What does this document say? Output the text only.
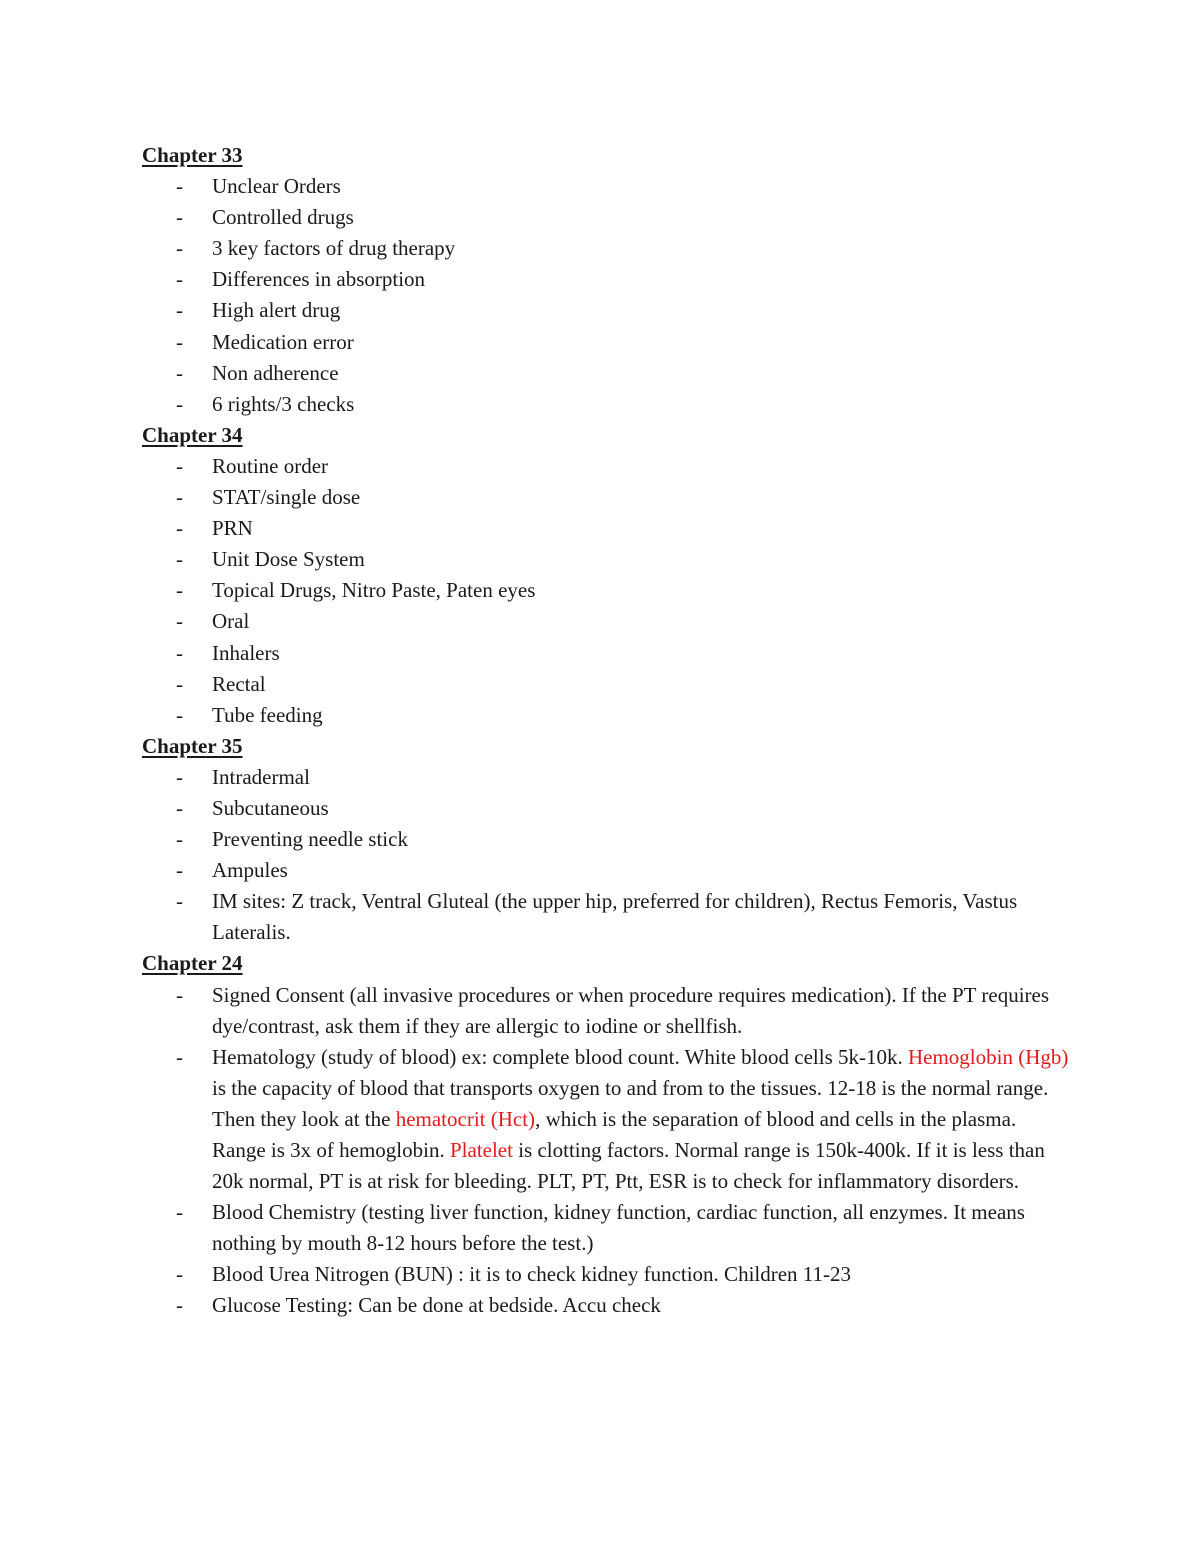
Chapter 33

- Unclear Orders
- Controlled drugs
- 3 key factors of drug therapy
- Differences in absorption
- High alert drug
- Medication error
- Non adherence
- 6 rights/3 checks

Chapter 34

- Routine order
- STAT/single dose
- PRN
- Unit Dose System
- Topical Drugs, Nitro Paste, Paten eyes
- Oral
- Inhalers
- Rectal
- Tube feeding

Chapter 35

- Intradermal
- Subcutaneous
- Preventing needle stick
- Ampules
- IM sites: Z track, Ventral Gluteal (the upper hip, preferred for children), Rectus Femoris, Vastus Lateralis.

Chapter 24

- Signed Consent (all invasive procedures or when procedure requires medication). If the PT requires dye/contrast, ask them if they are allergic to iodine or shellfish.
- Hematology (study of blood) ex: complete blood count. White blood cells 5k-10k. Hemoglobin (Hgb) is the capacity of blood that transports oxygen to and from to the tissues. 12-18 is the normal range.
Then they look at the hematocrit (Hct), which is the separation of blood and cells in the plasma. Range is 3x of hemoglobin. Platelet is clotting factors. Normal range is 150k-400k. If it is less than 20k normal, PT is at risk for bleeding. PLT, PT, Ptt, ESR is to check for inflammatory disorders.
- Blood Chemistry (testing liver function, kidney function, cardiac function, all enzymes. It means nothing by mouth 8-12 hours before the test.)
- Blood Urea Nitrogen (BUN) : it is to check kidney function. Children 11-23
- Glucose Testing: Can be done at bedside. Accu check
